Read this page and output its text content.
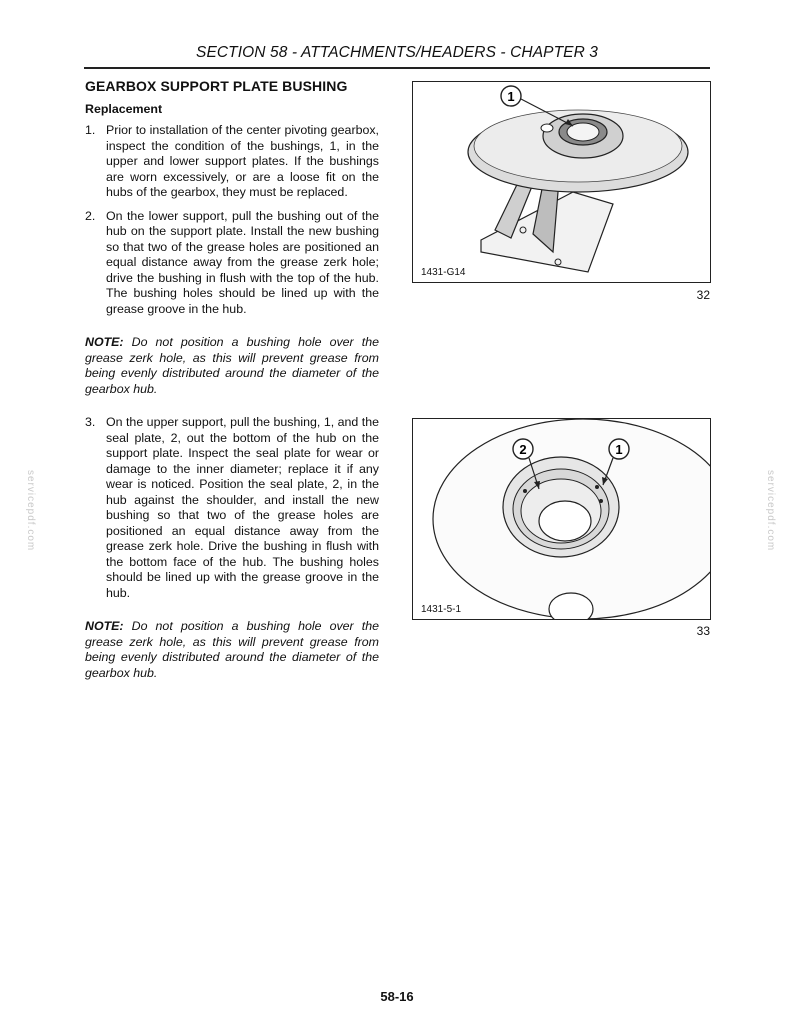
SECTION 58 - ATTACHMENTS/HEADERS - CHAPTER 3
GEARBOX SUPPORT PLATE BUSHING
Replacement
1. Prior to installation of the center pivoting gearbox, inspect the condition of the bushings, 1, in the upper and lower support plates. If the bushings are worn excessively, or are a loose fit on the hubs of the gearbox, they must be replaced.
2. On the lower support, pull the bushing out of the hub on the support plate. Install the new bushing so that two of the grease holes are positioned an equal distance away from the grease zerk hole; drive the bushing in flush with the top of the hub. The bushing holes should be lined up with the grease groove in the hub.
NOTE: Do not position a bushing hole over the grease zerk hole, as this will prevent grease from being evenly distributed around the diameter of the gearbox hub.
3. On the upper support, pull the bushing, 1, and the seal plate, 2, out the bottom of the hub on the support plate. Inspect the seal plate for wear or damage to the inner diameter; replace it if any wear is noticed. Position the seal plate, 2, in the hub against the shoulder, and install the new bushing so that two of the grease holes are positioned an equal distance away from the grease zerk hole. Drive the bushing in flush with the bottom face of the hub. The bushing holes should be lined up with the grease groove in the hub.
NOTE: Do not position a bushing hole over the grease zerk hole, as this will prevent grease from being evenly distributed around the diameter of the gearbox hub.
1
1431-G14
32
2	1
1431-5-1
33
servicepdf.com	servicepdf.com
58-16
